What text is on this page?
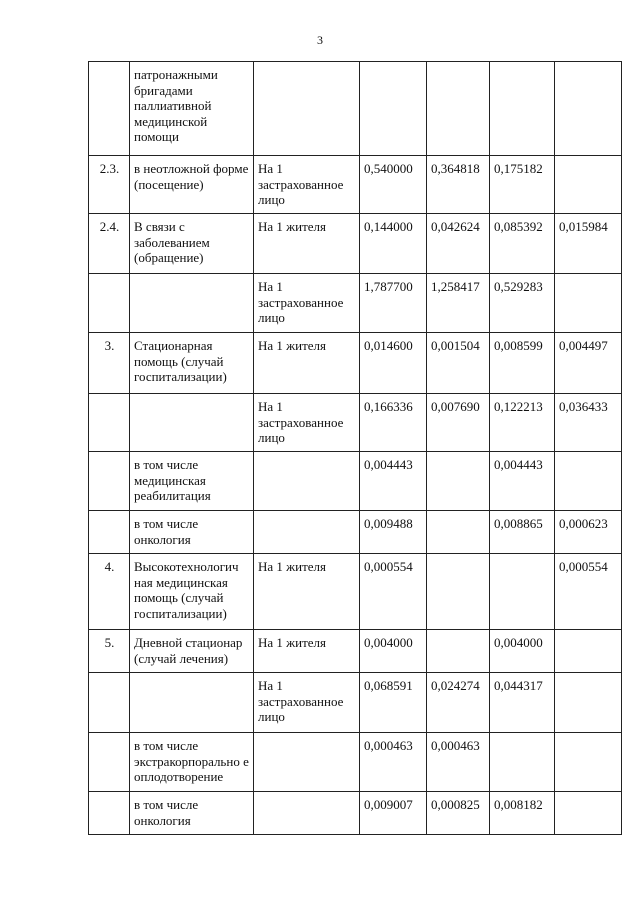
3
	патронажными бригадами паллиативной медицинской помощи					
2.3.	в неотложной форме (посещение)	На 1 застрахованное лицо	0,540000	0,364818	0,175182	
2.4.	В связи с заболеванием (обращение)	На 1 жителя	0,144000	0,042624	0,085392	0,015984
		На 1 застрахованное лицо	1,787700	1,258417	0,529283	
3.	Стационарная помощь (случай госпитализации)	На 1 жителя	0,014600	0,001504	0,008599	0,004497
		На 1 застрахованное лицо	0,166336	0,007690	0,122213	0,036433
	в том числе медицинская реабилитация		0,004443		0,004443	
	в том числе онкология		0,009488		0,008865	0,000623
4.	Высокотехнологич ная медицинская помощь (случай госпитализации)	На 1 жителя	0,000554			0,000554
5.	Дневной стационар (случай лечения)	На 1 жителя	0,004000		0,004000	
		На 1 застрахованное лицо	0,068591	0,024274	0,044317	
	в том числе экстракорпорально е оплодотворение		0,000463	0,000463		
	в том числе онкология		0,009007	0,000825	0,008182	
